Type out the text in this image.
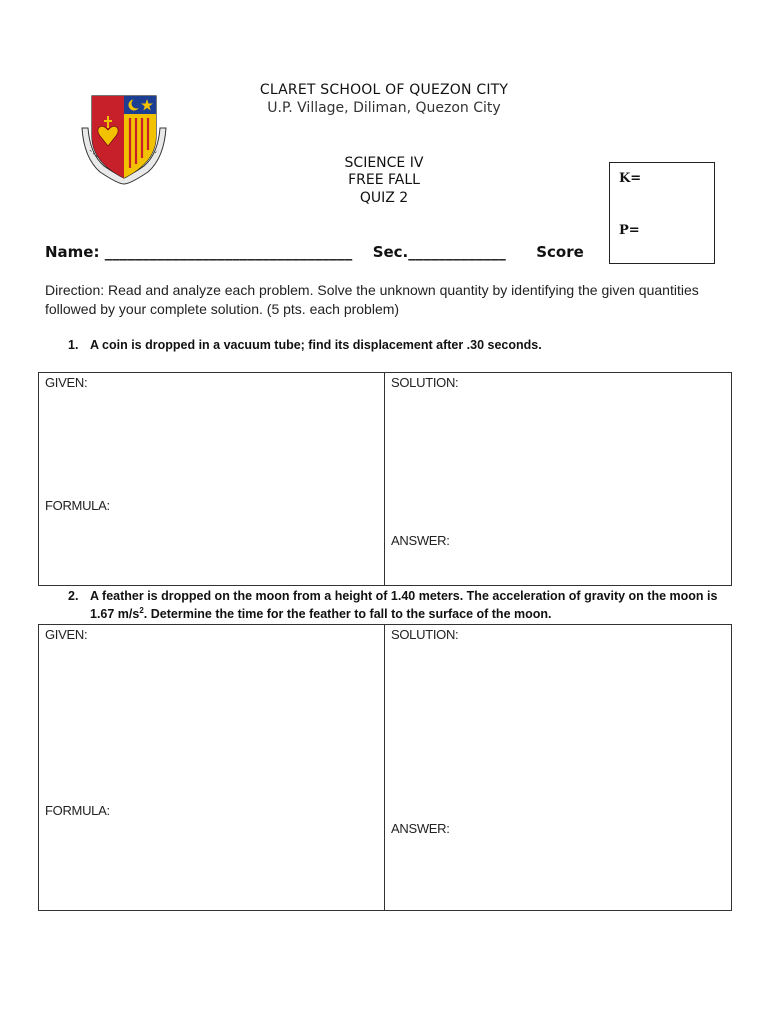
CLARET SCHOOL OF QUEZON CITY
U.P. Village, Diliman, Quezon City
SCIENCE IV
FREE FALL
QUIZ 2
Name: _________________________________ Sec._____________ Score
K=
P=
Direction: Read and analyze each problem. Solve the unknown quantity by identifying the given quantities followed by your complete solution. (5 pts. each problem)
1. A coin is dropped in a vacuum tube; find its displacement after .30 seconds.
GIVEN:
FORMULA:
SOLUTION:
ANSWER:
2. A feather is dropped on the moon from a height of 1.40 meters. The acceleration of gravity on the moon is 1.67 $m/s^2$. Determine the time for the feather to fall to the surface of the moon.
GIVEN:
FORMULA:
SOLUTION:
ANSWER:
